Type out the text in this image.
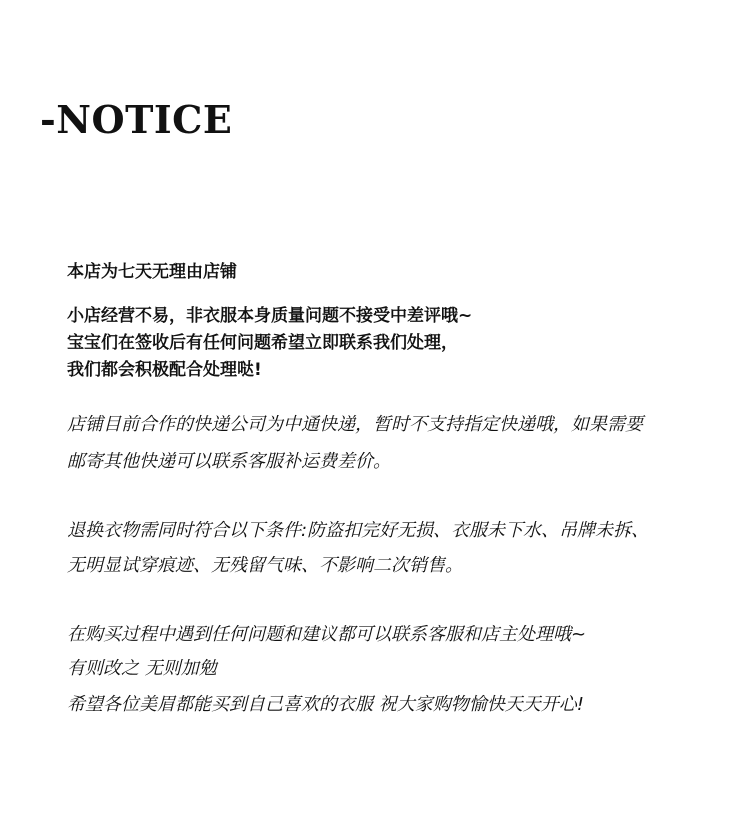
-NOTICE
本店为七天无理由店铺
小店经营不易，非衣服本身质量问题不接受中差评哦~
宝宝们在签收后有任何问题希望立即联系我们处理，
我们都会积极配合处理哒!
店铺目前合作的快递公司为中通快递，暂时不支持指定快递哦，如果需要
邮寄其他快递可以联系客服补运费差价。
退换衣物需同时符合以下条件:防盗扣完好无损、衣服未下水、吊牌未拆、
无明显试穿痕迹、无残留气味、不影响二次销售。
在购买过程中遇到任何问题和建议都可以联系客服和店主处理哦~
有则改之 无则加勉
希望各位美眉都能买到自己喜欢的衣服 祝大家购物愉快天天开心!
